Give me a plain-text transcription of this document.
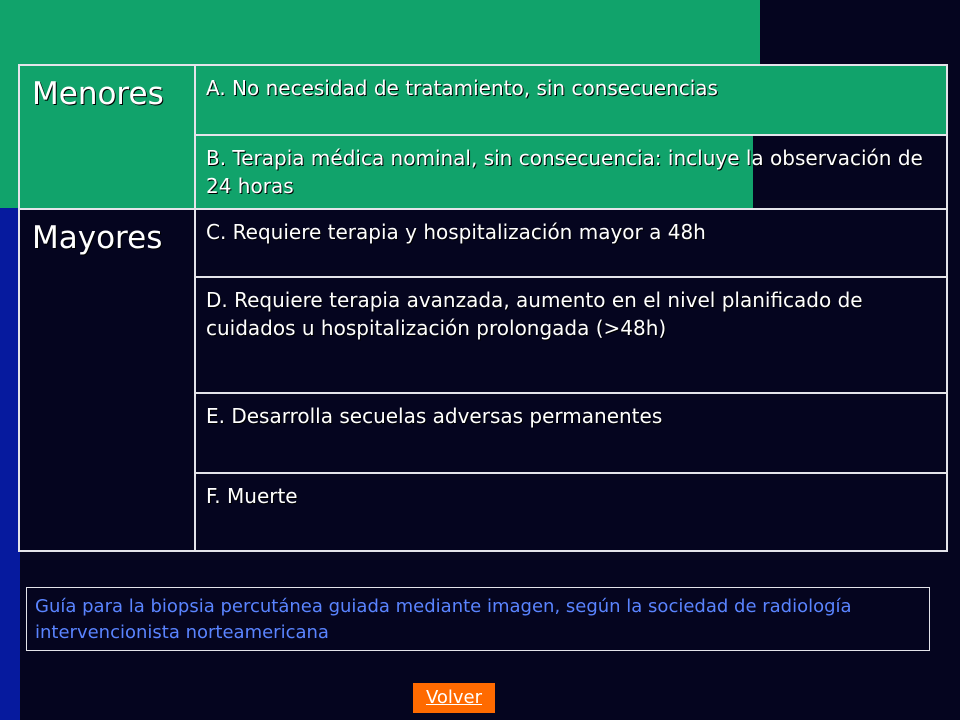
Menores	A. No necesidad de tratamiento, sin consecuencias
	B. Terapia médica nominal, sin consecuencia: incluye la observación de 24 horas
Mayores	C. Requiere terapia y hospitalización mayor a 48h
	D. Requiere terapia avanzada, aumento en el nivel planificado de cuidados u hospitalización prolongada (>48h)
	E. Desarrolla secuelas adversas permanentes
	F. Muerte
Guía para la biopsia percutánea guiada mediante imagen, según la sociedad de radiología intervencionista norteamericana
Volver
